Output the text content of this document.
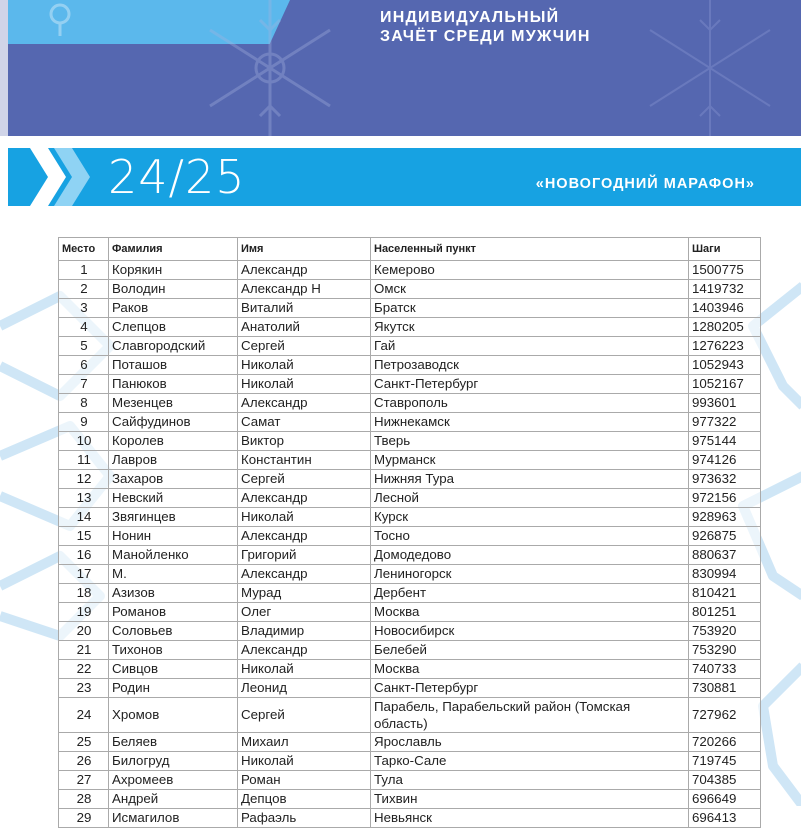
ИНДИВИДУАЛЬНЫЙ
ЗАЧЁТ СРЕДИ МУЖЧИН
24/25	«НОВОГОДНИЙ МАРАФОН»
Место	Фамилия	Имя	Населенный пункт	Шаги
1	Корякин	Александр	Кемерово	1500775
2	Володин	Александр Н	Омск	1419732
3	Раков	Виталий	Братск	1403946
4	Слепцов	Анатолий	Якутск	1280205
5	Славгородский	Сергей	Гай	1276223
6	Поташов	Николай	Петрозаводск	1052943
7	Панюков	Николай	Санкт-Петербург	1052167
8	Мезенцев	Александр	Ставрополь	993601
9	Сайфудинов	Самат	Нижнекамск	977322
10	Королев	Виктор	Тверь	975144
11	Лавров	Константин	Мурманск	974126
12	Захаров	Сергей	Нижняя Тура	973632
13	Невский	Александр	Лесной	972156
14	Звягинцев	Николай	Курск	928963
15	Нонин	Александр	Тосно	926875
16	Манойленко	Григорий	Домодедово	880637
17	М.	Александр	Лениногорск	830994
18	Азизов	Мурад	Дербент	810421
19	Романов	Олег	Москва	801251
20	Соловьев	Владимир	Новосибирск	753920
21	Тихонов	Александр	Белебей	753290
22	Сивцов	Николай	Москва	740733
23	Родин	Леонид	Санкт-Петербург	730881
24	Хромов	Сергей	Парабель, Парабельский район (Томская область)	727962
25	Беляев	Михаил	Ярославль	720266
26	Билогруд	Николай	Тарко-Сале	719745
27	Ахромеев	Роман	Тула	704385
28	Андрей	Депцов	Тихвин	696649
29	Исмагилов	Рафаэль	Невьянск	696413
